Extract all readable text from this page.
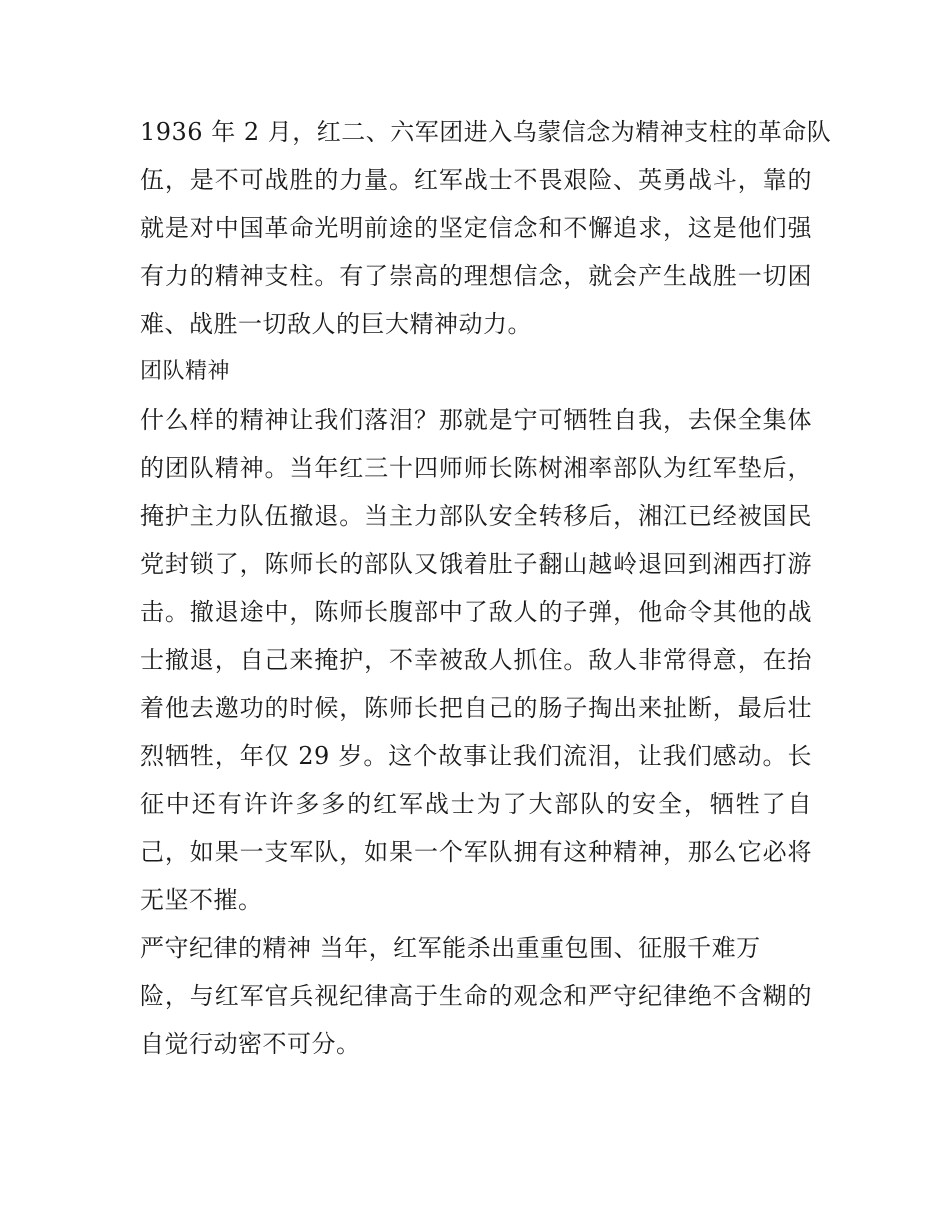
1936 年 2 月，红二、六军团进入乌蒙信念为精神支柱的革命队
伍，是不可战胜的力量。红军战士不畏艰险、英勇战斗，靠的
就是对中国革命光明前途的坚定信念和不懈追求，这是他们强
有力的精神支柱。有了崇高的理想信念，就会产生战胜一切困
难、战胜一切敌人的巨大精神动力。
团队精神
什么样的精神让我们落泪？那就是宁可牺牲自我，去保全集体
的团队精神。当年红三十四师师长陈树湘率部队为红军垫后，
掩护主力队伍撤退。当主力部队安全转移后，湘江已经被国民
党封锁了，陈师长的部队又饿着肚子翻山越岭退回到湘西打游
击。撤退途中，陈师长腹部中了敌人的子弹，他命令其他的战
士撤退，自己来掩护，不幸被敌人抓住。敌人非常得意，在抬
着他去邀功的时候，陈师长把自己的肠子掏出来扯断，最后壮
烈牺牲，年仅 29 岁。这个故事让我们流泪，让我们感动。长
征中还有许许多多的红军战士为了大部队的安全，牺牲了自
己，如果一支军队，如果一个军队拥有这种精神，那么它必将
无坚不摧。
严守纪律的精神 当年，红军能杀出重重包围、征服千难万
险，与红军官兵视纪律高于生命的观念和严守纪律绝不含糊的
自觉行动密不可分。
